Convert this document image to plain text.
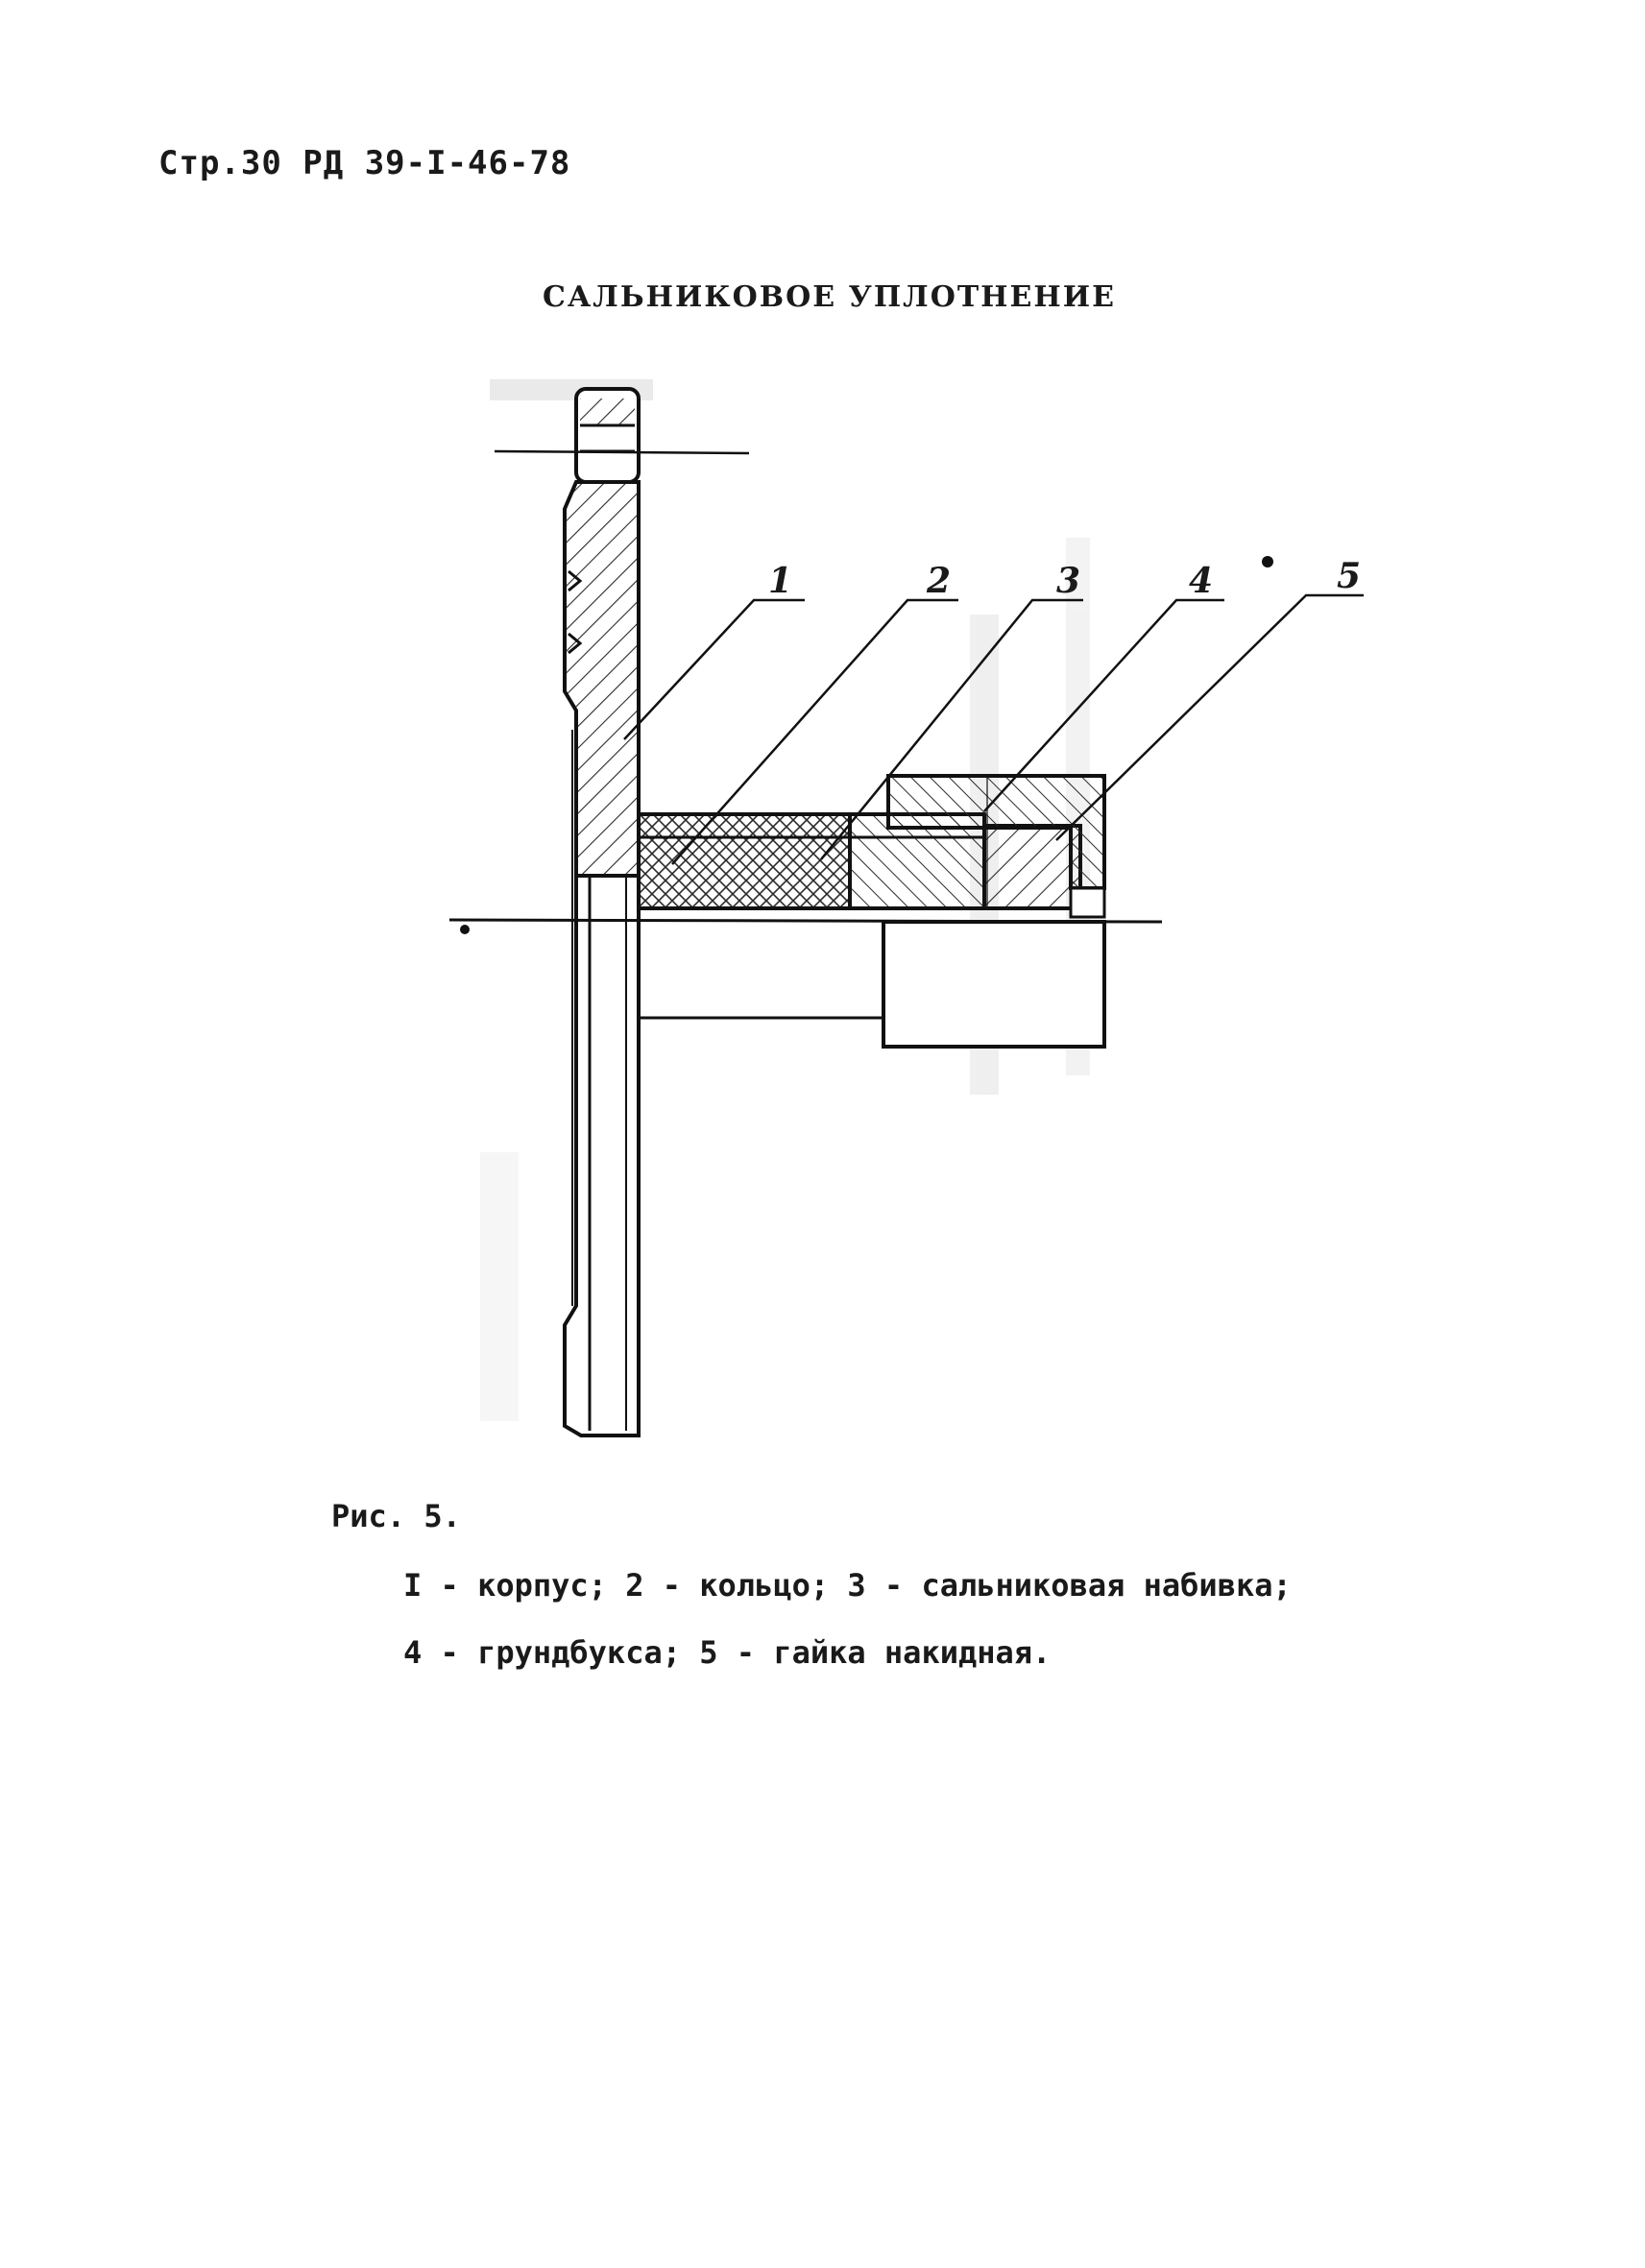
Стр.30 РД 39-I-46-78
САЛЬНИКОВОЕ УПЛОТНЕНИЕ
1	2	3	4	5
Рис. 5.
I - корпус; 2 - кольцо; 3 - сальниковая набивка;
4 - грундбукса; 5 - гайка накидная.
